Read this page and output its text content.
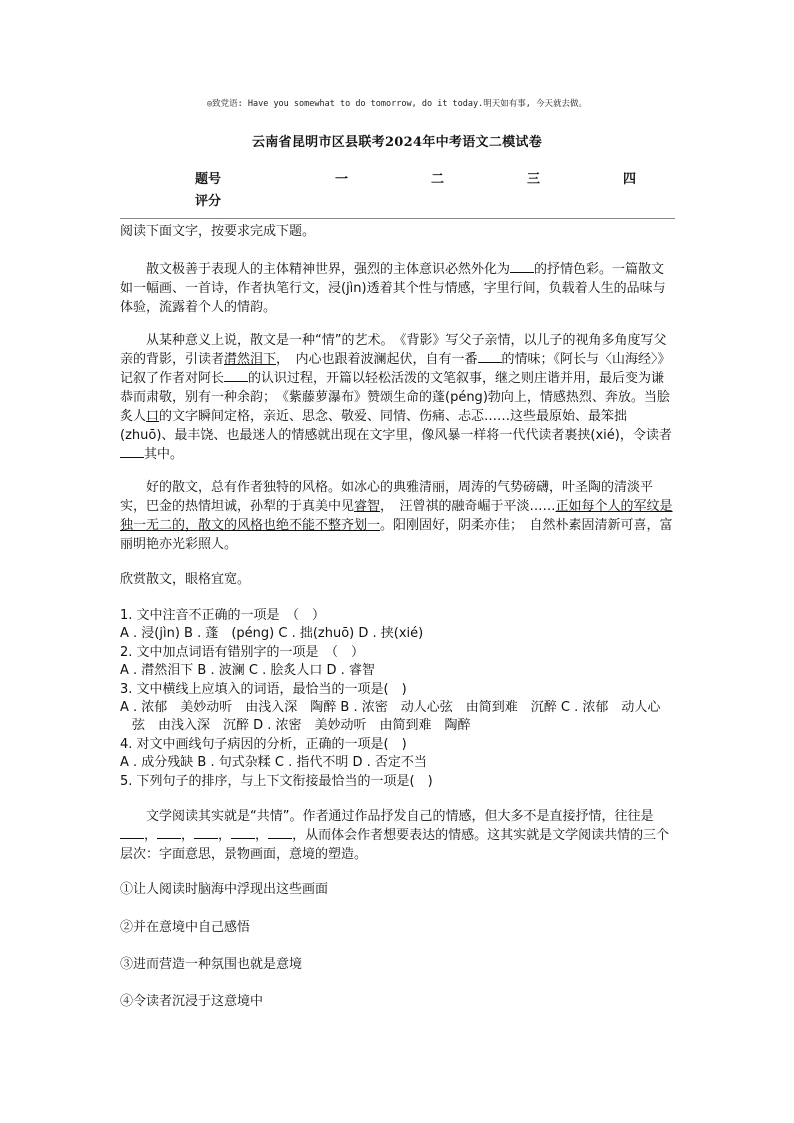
◎致党语: Have you somewhat to do tomorrow, do it today.明天如有事, 今天就去做。
云南省昆明市区县联考2024年中考语文二模试卷
题号	一	二	三	四
评分

阅读下面文字，按要求完成下题。

散文极善于表现人的主体精神世界，强烈的主体意识必然外化为 的抒情色彩。一篇散文如一幅画、一首诗，作者执笔行文，浸(jìn)透着其个性与情感，字里行间，负载着人生的品味与体验，流露着个人的情韵。
从某种意义上说，散文是一种“情”的艺术。　《背影》写父子亲情，以儿子的视角多角度写父亲的背影，引读者潸然泪下，　内心也跟着波澜起伏，自有一番 的情味；《阿长与〈山海经〉》记叙了作者对阿长 的认识过程，开篇以轻松活泼的文笔叙事，继之则庄谐并用，最后变为谦恭而肃敬，别有一种余韵；　《紫藤萝瀑布》赞颂生命的蓬(péng)勃向上，情感热烈、奔放。当脍炙人口的文字瞬间定格，亲近、思念、敬爱、同情、伤痛、忐忑……这些最原始、最笨拙(zhuō)、最丰饶、也最迷人的情感就出现在文字里，像风暴一样将一代代读者裹挟(xié)，令读者其中。
好的散文，总有作者独特的风格。如冰心的典雅清丽，周涛的气势磅礴，叶圣陶的清淡平实，巴金的热情坦诚，孙犁的于真美中见睿智，　汪曾祺的融奇崛于平淡……正如每个人的军纹是独一无二的，散文的风格也绝不能不整齐划一。阳刚固好，阴柔亦佳；　自然朴素固清新可喜，富丽明艳亦光彩照人。

欣赏散文，眼格宜宽。

1. 文中注音不正确的一项是　（　）

A . 浸(jìn) B . 蓬　(péng) C . 拙(zhuō) D . 挟(xié)

2. 文中加点词语有错别字的一项是　（　）

A . 潸然泪下 B . 波澜 C . 脍炙人口 D . 睿智

3. 文中横线上应填入的词语，最恰当的一项是(　)

A . 浓郁　美妙动听　由浅入深　陶醉 B . 浓密　动人心弦　由简到难　沉醉 C . 浓郁　动人心弦　由浅入深　沉醉 D . 浓密　美妙动听　由简到难　陶醉

4. 对文中画线句子病因的分析，正确的一项是(　)

A . 成分残缺 B . 句式杂糅 C . 指代不明 D . 否定不当

5. 下列句子的排序，与上下文衔接最恰当的一项是(　)

文学阅读其实就是“共情”。作者通过作品抒发自己的情感，但大多不是直接抒情，往往是， ， ， ， ，从而体会作者想要表达的情感。这其实就是文学阅读共情的三个层次：字面意思，景物画面，意境的塑造。
①让人阅读时脑海中浮现出这些画面
②并在意境中自己感悟
③进而营造一种氛围也就是意境
④令读者沉浸于这意境中
